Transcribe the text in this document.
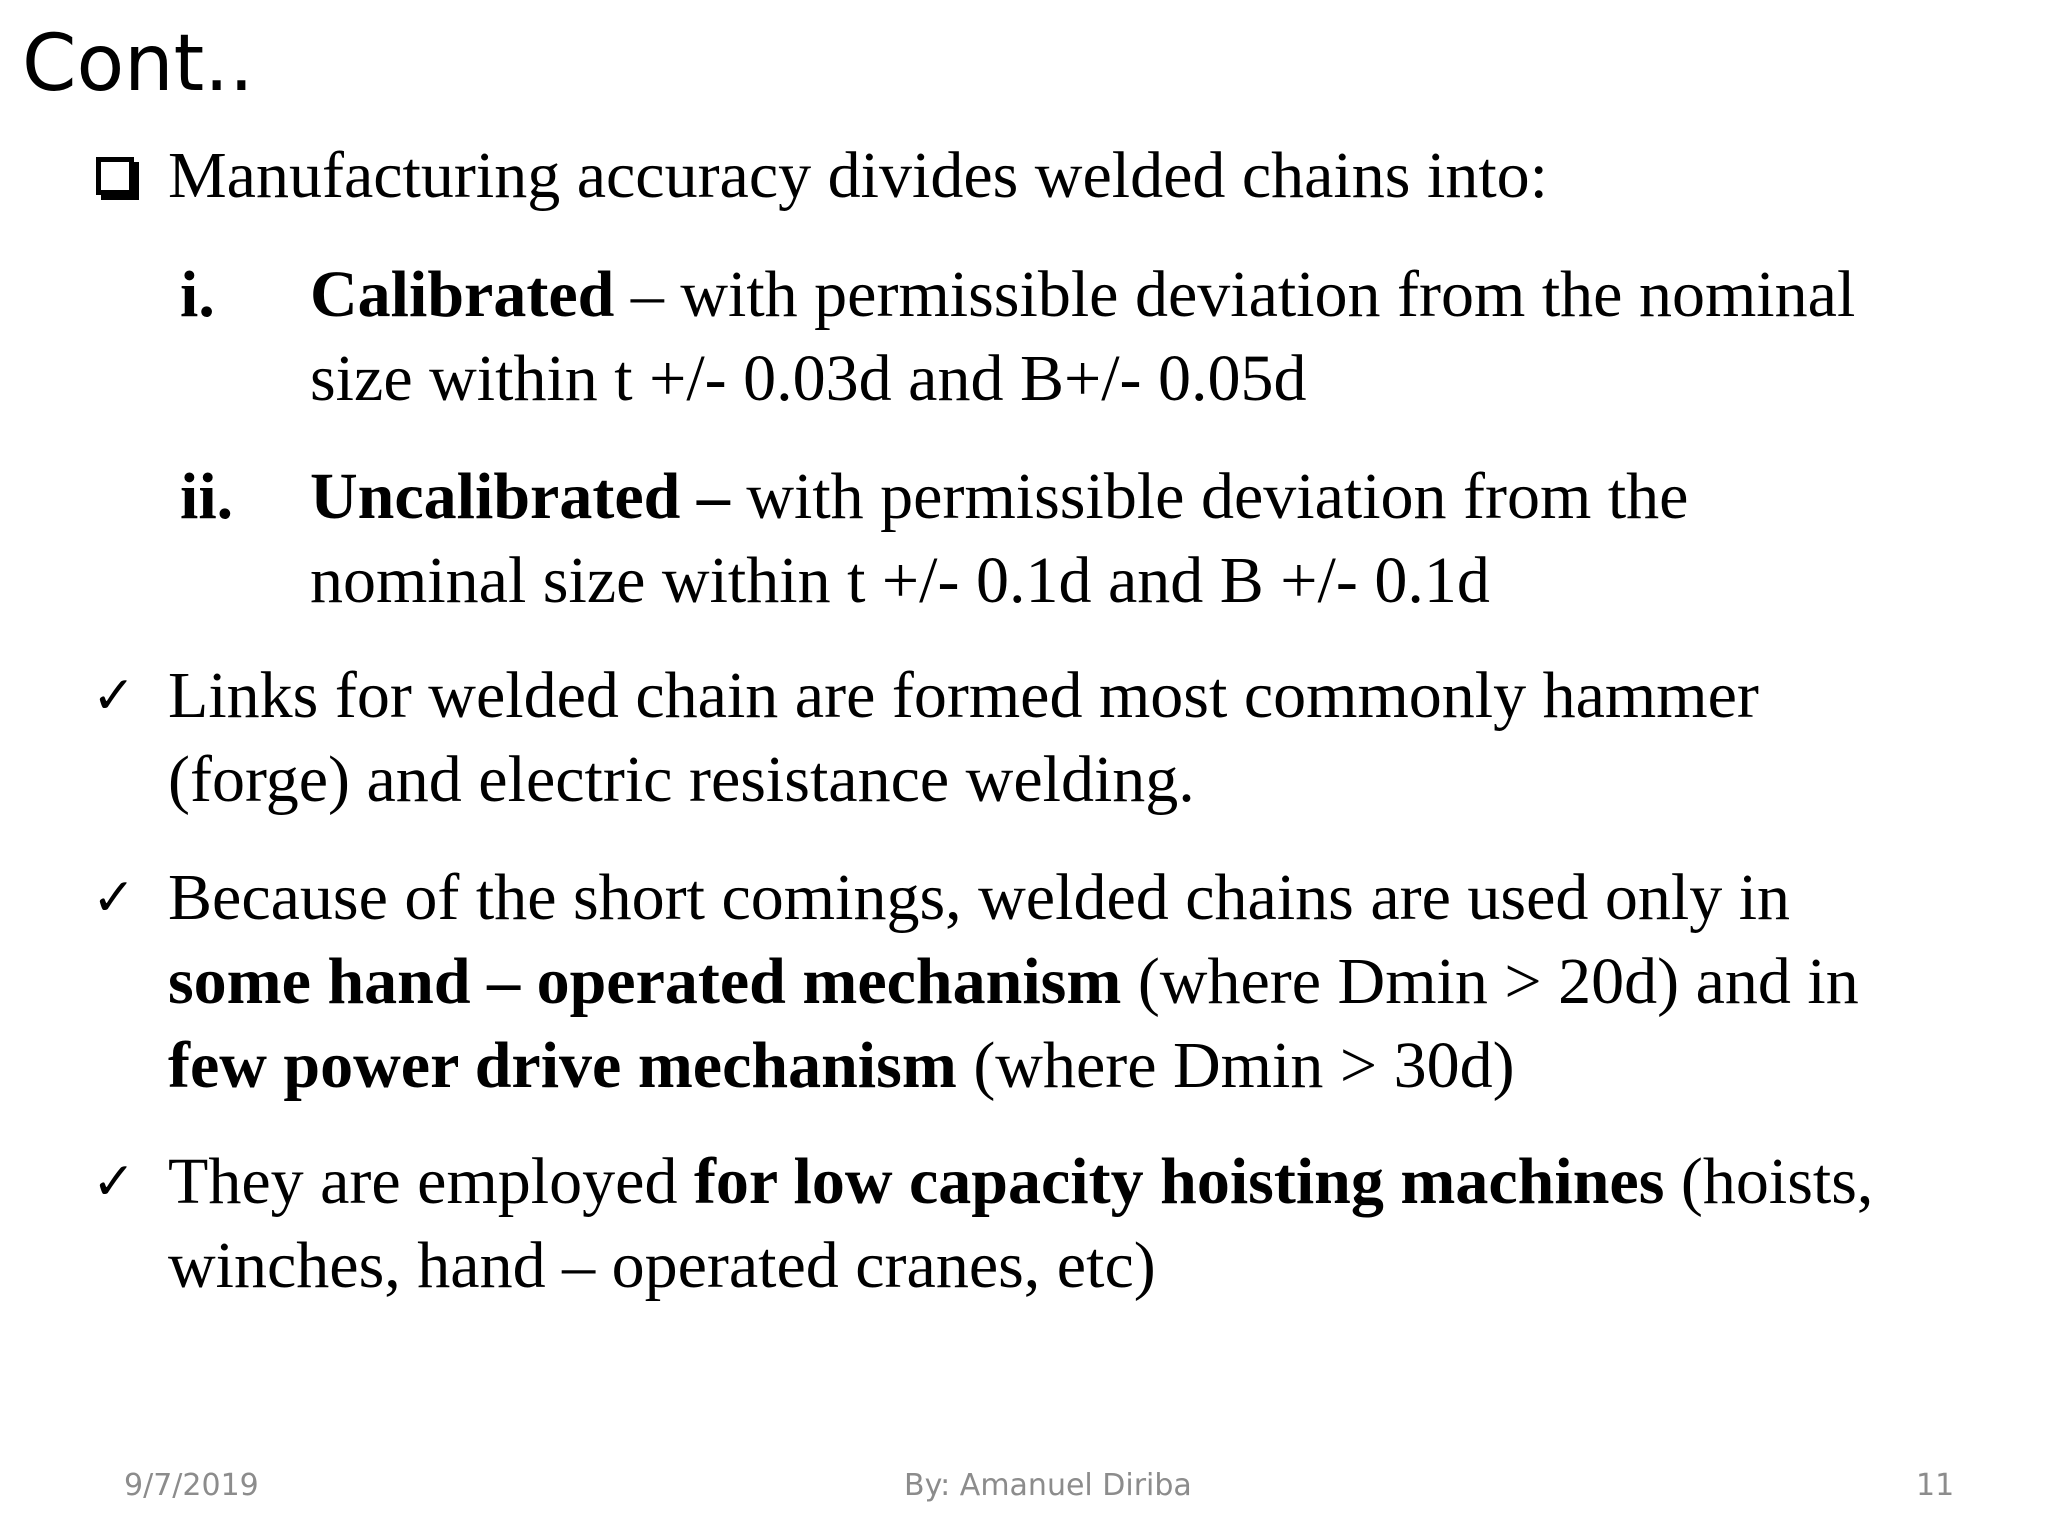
Cont..
Manufacturing accuracy divides welded chains into:
i. Calibrated – with permissible deviation from the nominal
size within t +/- 0.03d and B+/- 0.05d
ii. Uncalibrated – with permissible deviation from the
nominal size within t +/- 0.1d and B +/- 0.1d
✓ Links for welded chain are formed most commonly hammer
(forge) and electric resistance welding.
✓ Because of the short comings, welded chains are used only in
some hand – operated mechanism (where Dmin > 20d) and in
few power drive mechanism (where Dmin > 30d)
✓ They are employed for low capacity hoisting machines (hoists,
winches, hand – operated cranes, etc)
9/7/2019	By: Amanuel Diriba	11
